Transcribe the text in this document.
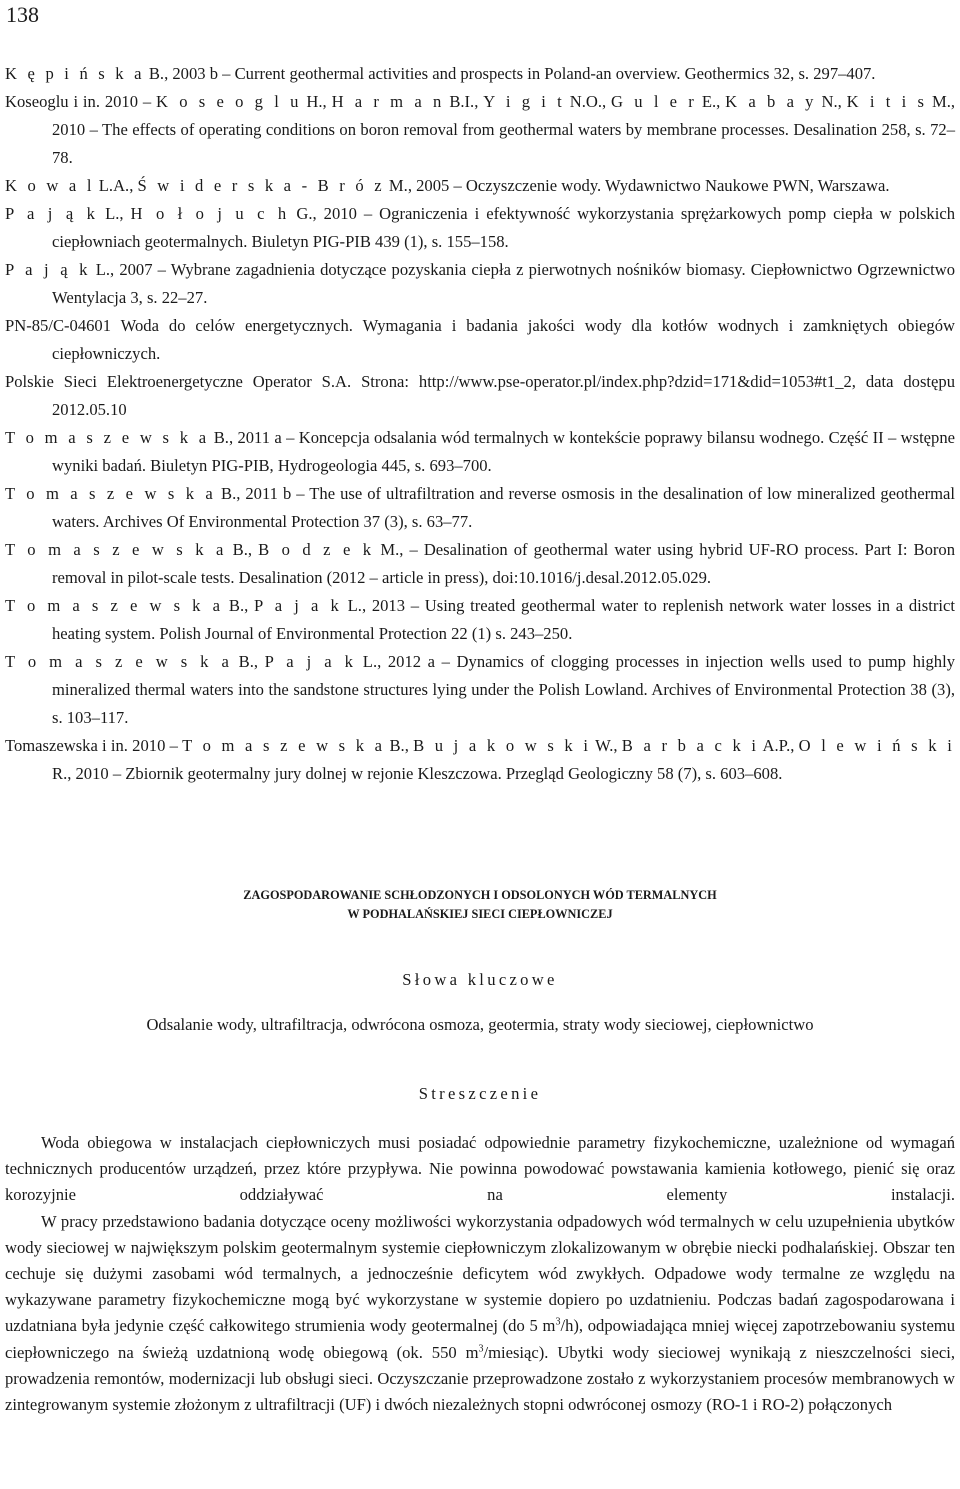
138

K ę p i ń s k a B., 2003 b – Current geothermal activities and prospects in Poland-an overview. Geothermics 32, s. 297–407.

Koseoglu i in. 2010 – K o s e o g l u H., H a r m a n B.I., Y i g i t N.O., G u l e r E., K a b a y N., K i t i s M., 2010 – The effects of operating conditions on boron removal from geothermal waters by membrane processes. Desalination 258, s. 72–78.

K o w a l L.A., Ś w i d e r s k a - B r ó z M., 2005 – Oczyszczenie wody. Wydawnictwo Naukowe PWN, Warszawa.

P a j ą k L., H o ł o j u c h G., 2010 – Ograniczenia i efektywność wykorzystania sprężarkowych pomp ciepła w polskich ciepłowniach geotermalnych. Biuletyn PIG-PIB 439 (1), s. 155–158.

P a j ą k L., 2007 – Wybrane zagadnienia dotyczące pozyskania ciepła z pierwotnych nośników biomasy. Ciepłownictwo Ogrzewnictwo Wentylacja 3, s. 22–27.

PN-85/C-04601 Woda do celów energetycznych. Wymagania i badania jakości wody dla kotłów wodnych i zamkniętych obiegów ciepłowniczych.

Polskie Sieci Elektroenergetyczne Operator S.A. Strona: http://www.pse-operator.pl/index.php?dzid=171&did=1053#t1_2, data dostępu 2012.05.10

T o m a s z e w s k a B., 2011 a – Koncepcja odsalania wód termalnych w kontekście poprawy bilansu wodnego. Część II – wstępne wyniki badań. Biuletyn PIG-PIB, Hydrogeologia 445, s. 693–700.

T o m a s z e w s k a B., 2011 b – The use of ultrafiltration and reverse osmosis in the desalination of low mineralized geothermal waters. Archives Of Environmental Protection 37 (3), s. 63–77.

T o m a s z e w s k a B., B o d z e k M., – Desalination of geothermal water using hybrid UF-RO process. Part I: Boron removal in pilot-scale tests. Desalination (2012 – article in press), doi:10.1016/j.desal.2012.05.029.

T o m a s z e w s k a B., P a j a k L., 2013 – Using treated geothermal water to replenish network water losses in a district heating system. Polish Journal of Environmental Protection 22 (1) s. 243–250.

T o m a s z e w s k a B., P a j a k L., 2012 a – Dynamics of clogging processes in injection wells used to pump highly mineralized thermal waters into the sandstone structures lying under the Polish Lowland. Archives of Environmental Protection 38 (3), s. 103–117.

Tomaszewska i in. 2010 – T o m a s z e w s k a B., B u j a k o w s k i W., B a r b a c k i A.P., O l e w i ń s k i R., 2010 – Zbiornik geotermalny jury dolnej w rejonie Kleszczowa. Przegląd Geologiczny 58 (7), s. 603–608.

ZAGOSPODAROWANIE SCHŁODZONYCH I ODSOLONYCH WÓD TERMALNYCH
W PODHALAŃSKIEJ SIECI CIEPŁOWNICZEJ
Słowa kluczowe
Odsalanie wody, ultrafiltracja, odwrócona osmoza, geotermia, straty wody sieciowej, ciepłownictwo
Streszczenie

Woda obiegowa w instalacjach ciepłowniczych musi posiadać odpowiednie parametry fizykochemiczne, uzależnione od wymagań technicznych producentów urządzeń, przez które przypływa. Nie powinna powodować powstawania kamienia kotłowego, pienić się oraz korozyjnie oddziaływać na elementy instalacji.

W pracy przedstawiono badania dotyczące oceny możliwości wykorzystania odpadowych wód termalnych w celu uzupełnienia ubytków wody sieciowej w największym polskim geotermalnym systemie ciepłowniczym zlokalizowanym w obrębie niecki podhalańskiej. Obszar ten cechuje się dużymi zasobami wód termalnych, a jednocześnie deficytem wód zwykłych. Odpadowe wody termalne ze względu na wykazywane parametry fizykochemiczne mogą być wykorzystane w systemie dopiero po uzdatnieniu. Podczas badań zagospodarowana i uzdatniana była jedynie część całkowitego strumienia wody geotermalnej (do 5 $m^3/h$), odpowiadająca mniej więcej zapotrzebowaniu systemu ciepłowniczego na świeżą uzdatnioną wodę obiegową (ok. 550 $m^3/miesiąc$). Ubytki wody sieciowej wynikają z nieszczelności sieci, prowadzenia remontów, modernizacji lub obsługi sieci. Oczyszczanie przeprowadzone zostało z wykorzystaniem procesów membranowych w zintegrowanym systemie złożonym z ultrafiltracji (UF) i dwóch niezależnych stopni odwróconej osmozy (RO-1 i RO-2) połączonych
